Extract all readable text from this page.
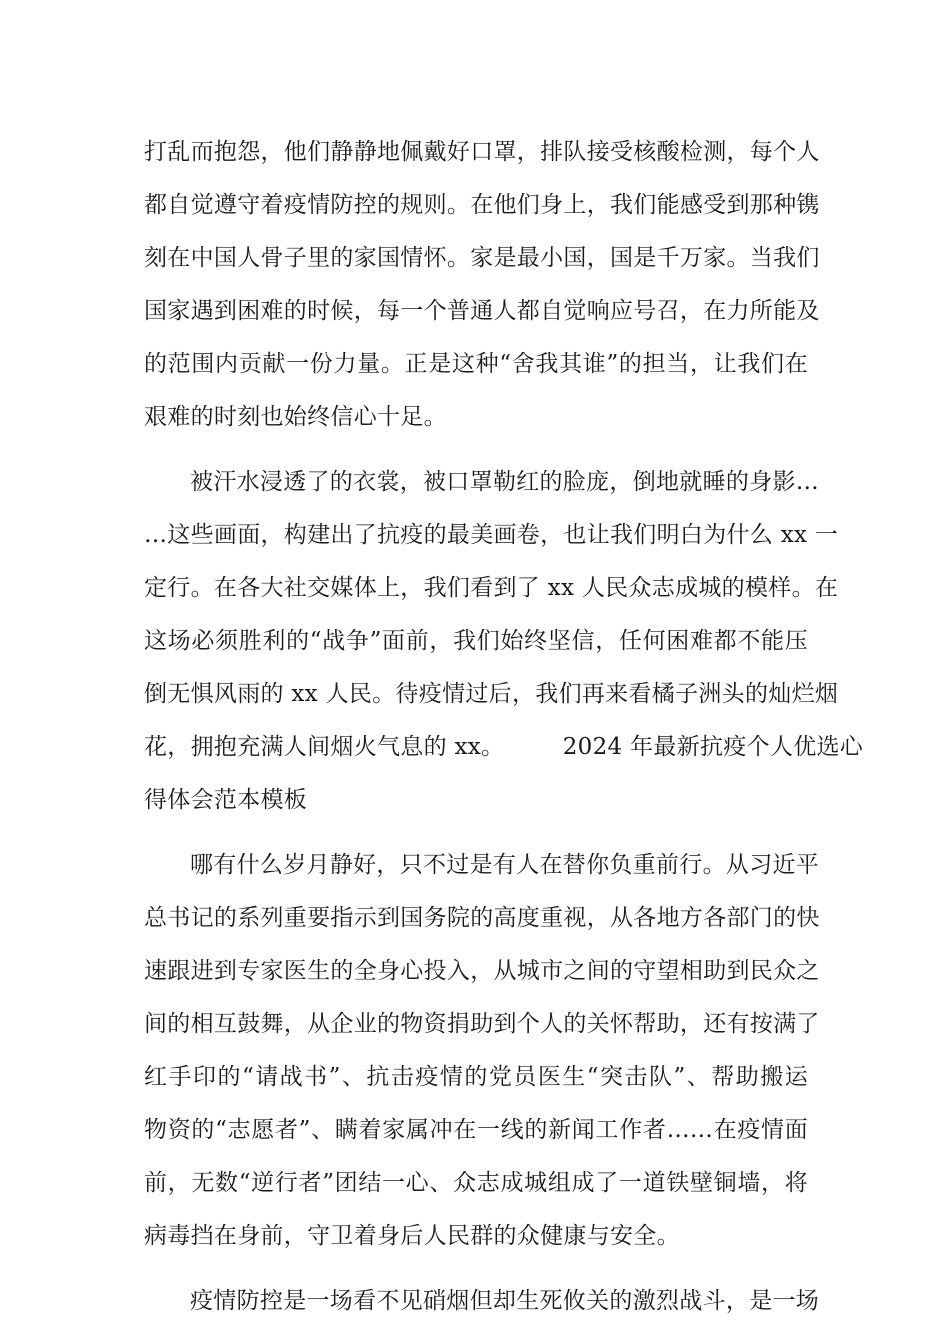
打乱而抱怨，他们静静地佩戴好口罩，排队接受核酸检测，每个人
都自觉遵守着疫情防控的规则。在他们身上，我们能感受到那种镌
刻在中国人骨子里的家国情怀。家是最小国，国是千万家。当我们
国家遇到困难的时候，每一个普通人都自觉响应号召，在力所能及
的范围内贡献一份力量。正是这种“舍我其谁”的担当，让我们在
艰难的时刻也始终信心十足。
被汗水浸透了的衣裳，被口罩勒红的脸庞，倒地就睡的身影…
…这些画面，构建出了抗疫的最美画卷，也让我们明白为什么 xx 一
定行。在各大社交媒体上，我们看到了 xx 人民众志成城的模样。在
这场必须胜利的“战争”面前，我们始终坚信，任何困难都不能压
倒无惧风雨的 xx 人民。待疫情过后，我们再来看橘子洲头的灿烂烟
花，拥抱充满人间烟火气息的 xx。　　　2024 年最新抗疫个人优选心
得体会范本模板
哪有什么岁月静好，只不过是有人在替你负重前行。从习近平
总书记的系列重要指示到国务院的高度重视，从各地方各部门的快
速跟进到专家医生的全身心投入，从城市之间的守望相助到民众之
间的相互鼓舞，从企业的物资捐助到个人的关怀帮助，还有按满了
红手印的“请战书”、抗击疫情的党员医生“突击队”、帮助搬运
物资的“志愿者”、瞒着家属冲在一线的新闻工作者……在疫情面
前，无数“逆行者”团结一心、众志成城组成了一道铁壁铜墙，将
病毒挡在身前，守卫着身后人民群的众健康与安全。
疫情防控是一场看不见硝烟但却生死攸关的激烈战斗，是一场
